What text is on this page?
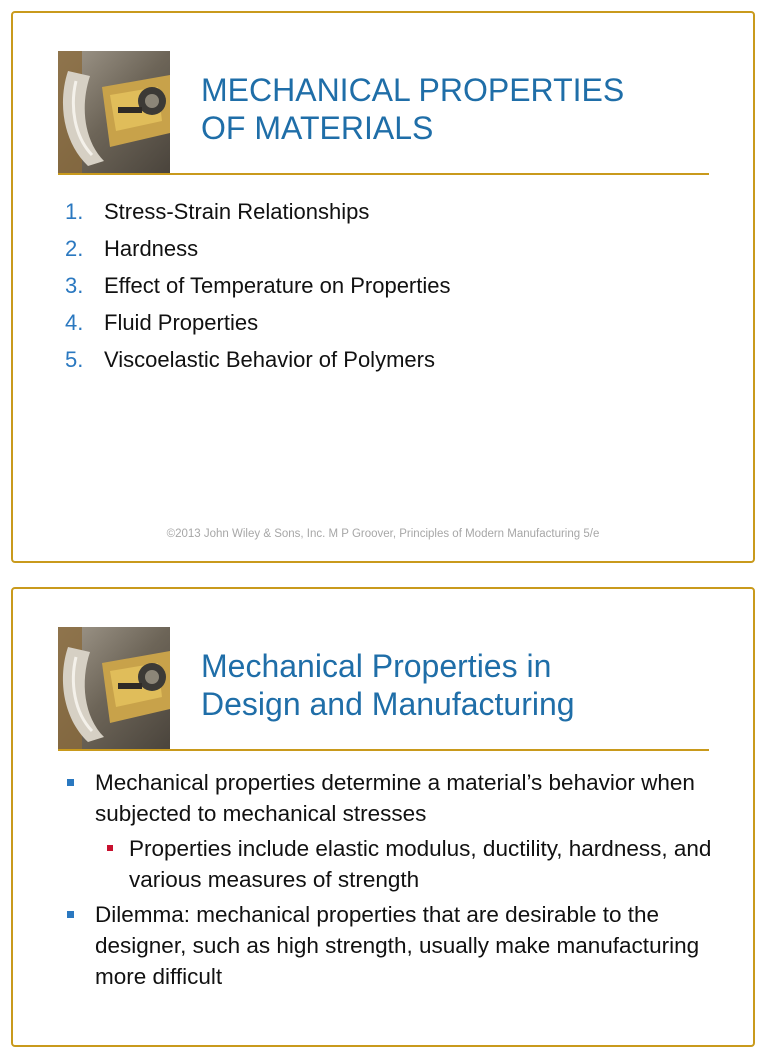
MECHANICAL PROPERTIES
OF MATERIALS
1. Stress-Strain Relationships
2. Hardness
3. Effect of Temperature on Properties
4. Fluid Properties
5. Viscoelastic Behavior of Polymers
©2013 John Wiley & Sons, Inc. M P Groover, Principles of Modern Manufacturing 5/e
Mechanical Properties in
Design and Manufacturing
Mechanical properties determine a material’s behavior when subjected to mechanical stresses
Properties include elastic modulus, ductility, hardness, and various measures of strength
Dilemma: mechanical properties that are desirable to the designer, such as high strength, usually make manufacturing more difficult
